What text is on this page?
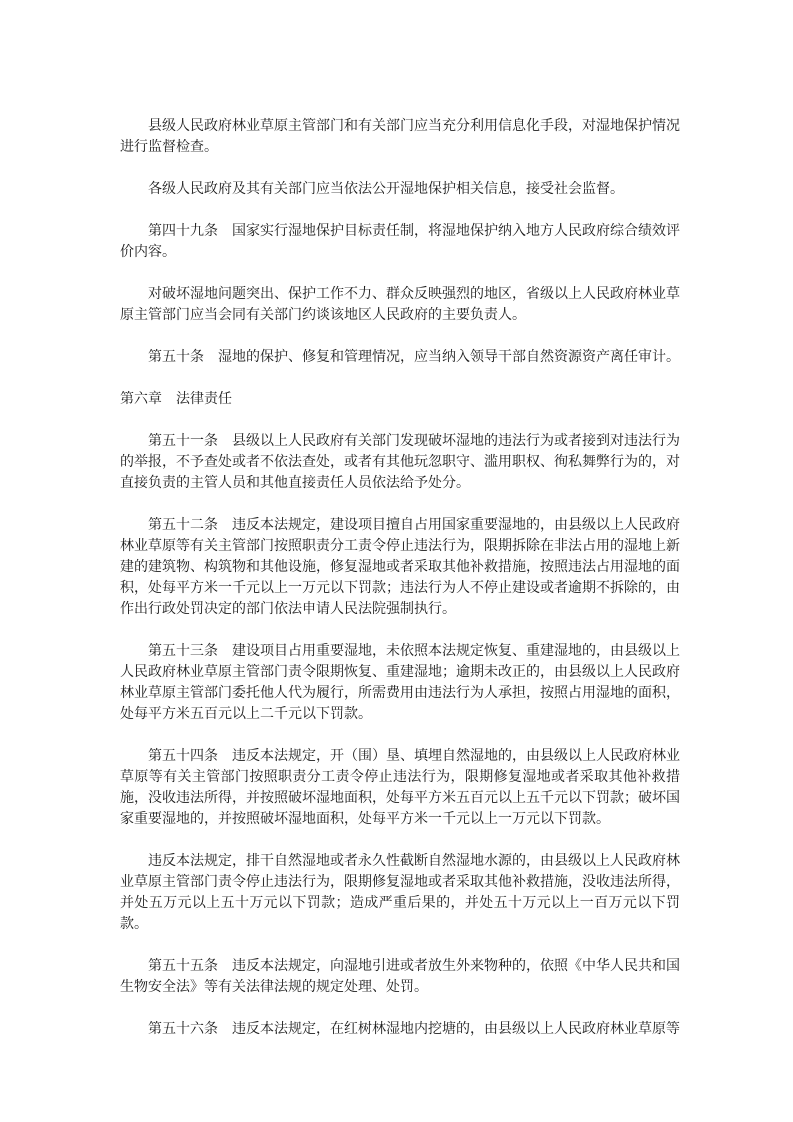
县级人民政府林业草原主管部门和有关部门应当充分利用信息化手段，对湿地保护情况进行监督检查。

各级人民政府及其有关部门应当依法公开湿地保护相关信息，接受社会监督。

第四十九条　国家实行湿地保护目标责任制，将湿地保护纳入地方人民政府综合绩效评价内容。

对破坏湿地问题突出、保护工作不力、群众反映强烈的地区，省级以上人民政府林业草原主管部门应当会同有关部门约谈该地区人民政府的主要负责人。

第五十条　湿地的保护、修复和管理情况，应当纳入领导干部自然资源资产离任审计。

第六章　法律责任

第五十一条　县级以上人民政府有关部门发现破坏湿地的违法行为或者接到对违法行为的举报，不予查处或者不依法查处，或者有其他玩忽职守、滥用职权、徇私舞弊行为的，对直接负责的主管人员和其他直接责任人员依法给予处分。

第五十二条　违反本法规定，建设项目擅自占用国家重要湿地的，由县级以上人民政府林业草原等有关主管部门按照职责分工责令停止违法行为，限期拆除在非法占用的湿地上新建的建筑物、构筑物和其他设施，修复湿地或者采取其他补救措施，按照违法占用湿地的面积，处每平方米一千元以上一万元以下罚款；违法行为人不停止建设或者逾期不拆除的，由作出行政处罚决定的部门依法申请人民法院强制执行。

第五十三条　建设项目占用重要湿地，未依照本法规定恢复、重建湿地的，由县级以上人民政府林业草原主管部门责令限期恢复、重建湿地；逾期未改正的，由县级以上人民政府林业草原主管部门委托他人代为履行，所需费用由违法行为人承担，按照占用湿地的面积，处每平方米五百元以上二千元以下罚款。

第五十四条　违反本法规定，开（围）垦、填埋自然湿地的，由县级以上人民政府林业草原等有关主管部门按照职责分工责令停止违法行为，限期修复湿地或者采取其他补救措施，没收违法所得，并按照破坏湿地面积，处每平方米五百元以上五千元以下罚款；破坏国家重要湿地的，并按照破坏湿地面积，处每平方米一千元以上一万元以下罚款。

违反本法规定，排干自然湿地或者永久性截断自然湿地水源的，由县级以上人民政府林业草原主管部门责令停止违法行为，限期修复湿地或者采取其他补救措施，没收违法所得，并处五万元以上五十万元以下罚款；造成严重后果的，并处五十万元以上一百万元以下罚款。

第五十五条　违反本法规定，向湿地引进或者放生外来物种的，依照《中华人民共和国生物安全法》等有关法律法规的规定处理、处罚。

第五十六条　违反本法规定，在红树林湿地内挖塘的，由县级以上人民政府林业草原等
